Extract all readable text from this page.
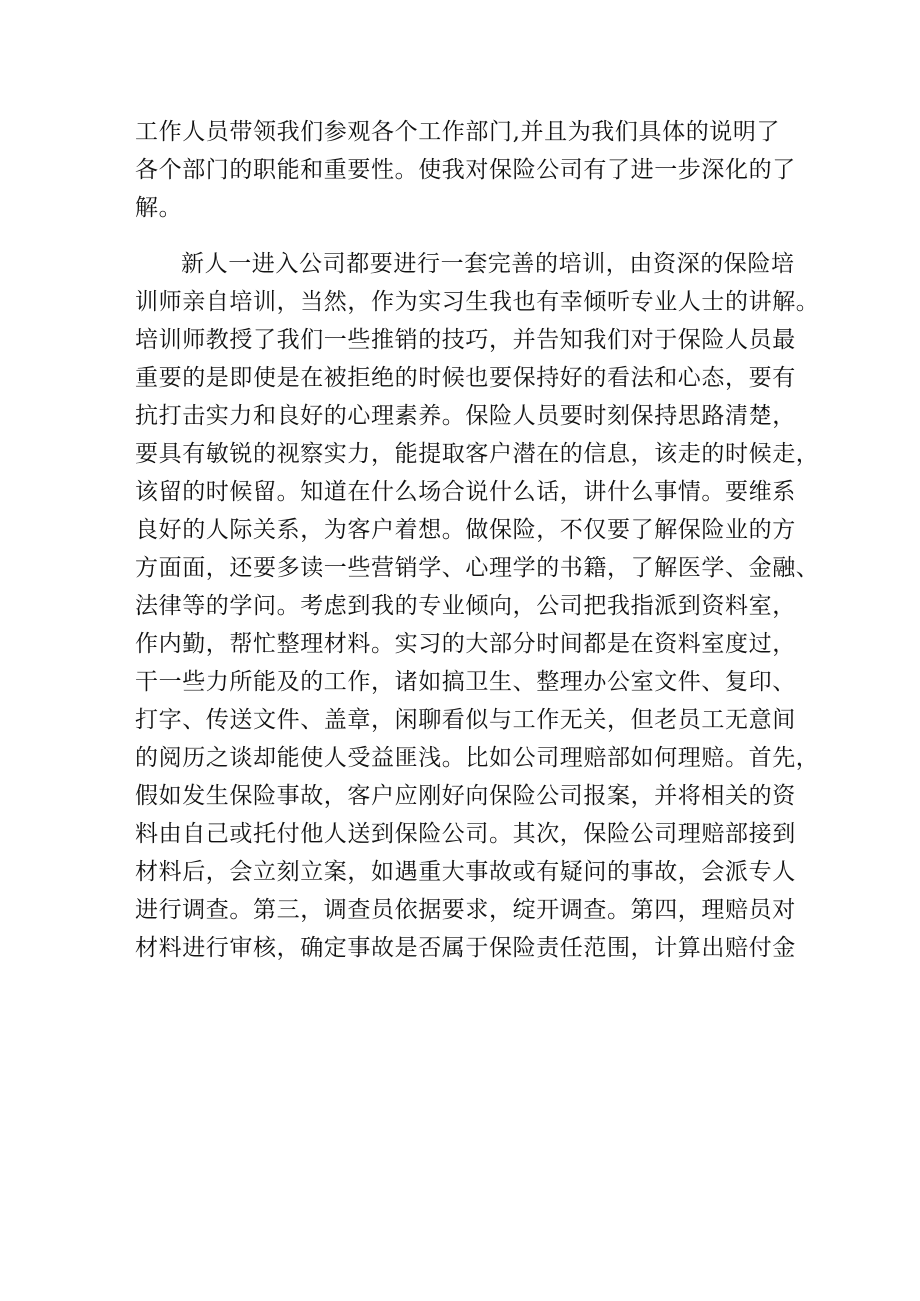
工作人员带领我们参观各个工作部门,并且为我们具体的说明了
各个部门的职能和重要性。使我对保险公司有了进一步深化的了
解。
新人一进入公司都要进行一套完善的培训，由资深的保险培
训师亲自培训，当然，作为实习生我也有幸倾听专业人士的讲解。
培训师教授了我们一些推销的技巧，并告知我们对于保险人员最
重要的是即使是在被拒绝的时候也要保持好的看法和心态，要有
抗打击实力和良好的心理素养。保险人员要时刻保持思路清楚，
要具有敏锐的视察实力，能提取客户潜在的信息，该走的时候走，
该留的时候留。知道在什么场合说什么话，讲什么事情。要维系
良好的人际关系，为客户着想。做保险，不仅要了解保险业的方
方面面，还要多读一些营销学、心理学的书籍，了解医学、金融、
法律等的学问。考虑到我的专业倾向，公司把我指派到资料室，
作内勤，帮忙整理材料。实习的大部分时间都是在资料室度过，
干一些力所能及的工作，诸如搞卫生、整理办公室文件、复印、
打字、传送文件、盖章，闲聊看似与工作无关，但老员工无意间
的阅历之谈却能使人受益匪浅。比如公司理赔部如何理赔。首先，
假如发生保险事故，客户应刚好向保险公司报案，并将相关的资
料由自己或托付他人送到保险公司。其次，保险公司理赔部接到
材料后，会立刻立案，如遇重大事故或有疑问的事故，会派专人
进行调查。第三，调查员依据要求，绽开调查。第四，理赔员对
材料进行审核，确定事故是否属于保险责任范围，计算出赔付金
